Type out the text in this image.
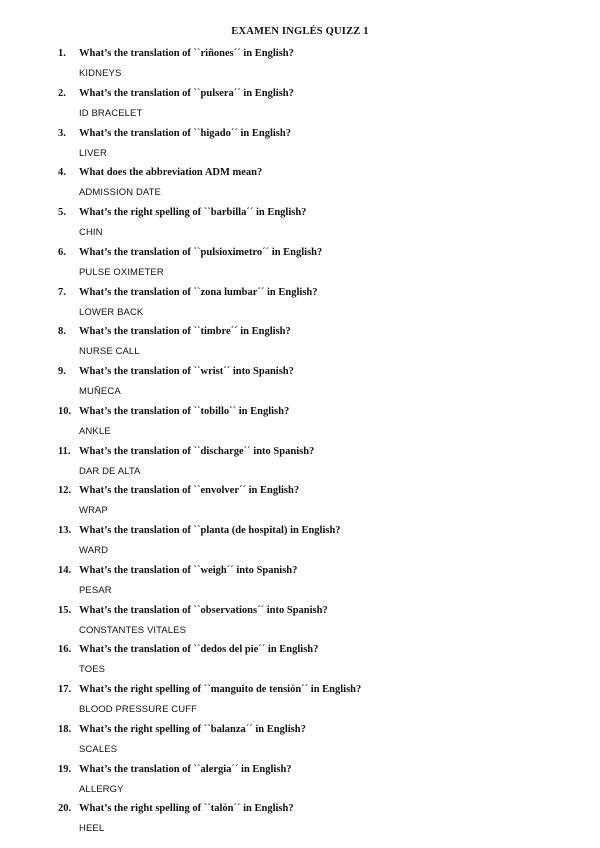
EXAMEN INGLÉS QUIZZ 1
1.	What’s the translation of ``riñones´´ in English?
KIDNEYS
2.	What’s the translation of ``pulsera´´ in English?
ID BRACELET
3.	What’s the translation of ``higado´´ in English?
LIVER
4.	What does the abbreviation ADM mean?
ADMISSION DATE
5.	What’s the right spelling of ``barbilla´´ in English?
CHIN
6.	What’s the translation of ``pulsioximetro´´ in English?
PULSE OXIMETER
7.	What’s the translation of ``zona lumbar´´ in English?
LOWER BACK
8.	What’s the translation of ``timbre´´ in English?
NURSE CALL
9.	What’s the translation of ``wrist´´ into Spanish?
MUÑECA
10. What’s the translation of ``tobillo´´ in English?
ANKLE
11. What’s the translation of ``discharge´´ into Spanish?
DAR DE ALTA
12. What’s the translation of ``envolver´´ in English?
WRAP
13. What’s the translation of ``planta (de hospital) in English?
WARD
14. What’s the translation of ``weigh´´ into Spanish?
PESAR
15. What’s the translation of ``observations´´ into Spanish?
CONSTANTES VITALES
16. What’s the translation of ``dedos del pie´´ in English?
TOES
17. What’s the right spelling of ``manguito de tensión´´ in English?
BLOOD PRESSURE CUFF
18. What’s the right spelling of ``balanza´´ in English?
SCALES
19. What’s the translation of ``alergia´´ in English?
ALLERGY
20. What’s the right spelling of ``talón´´ in English?
HEEL
